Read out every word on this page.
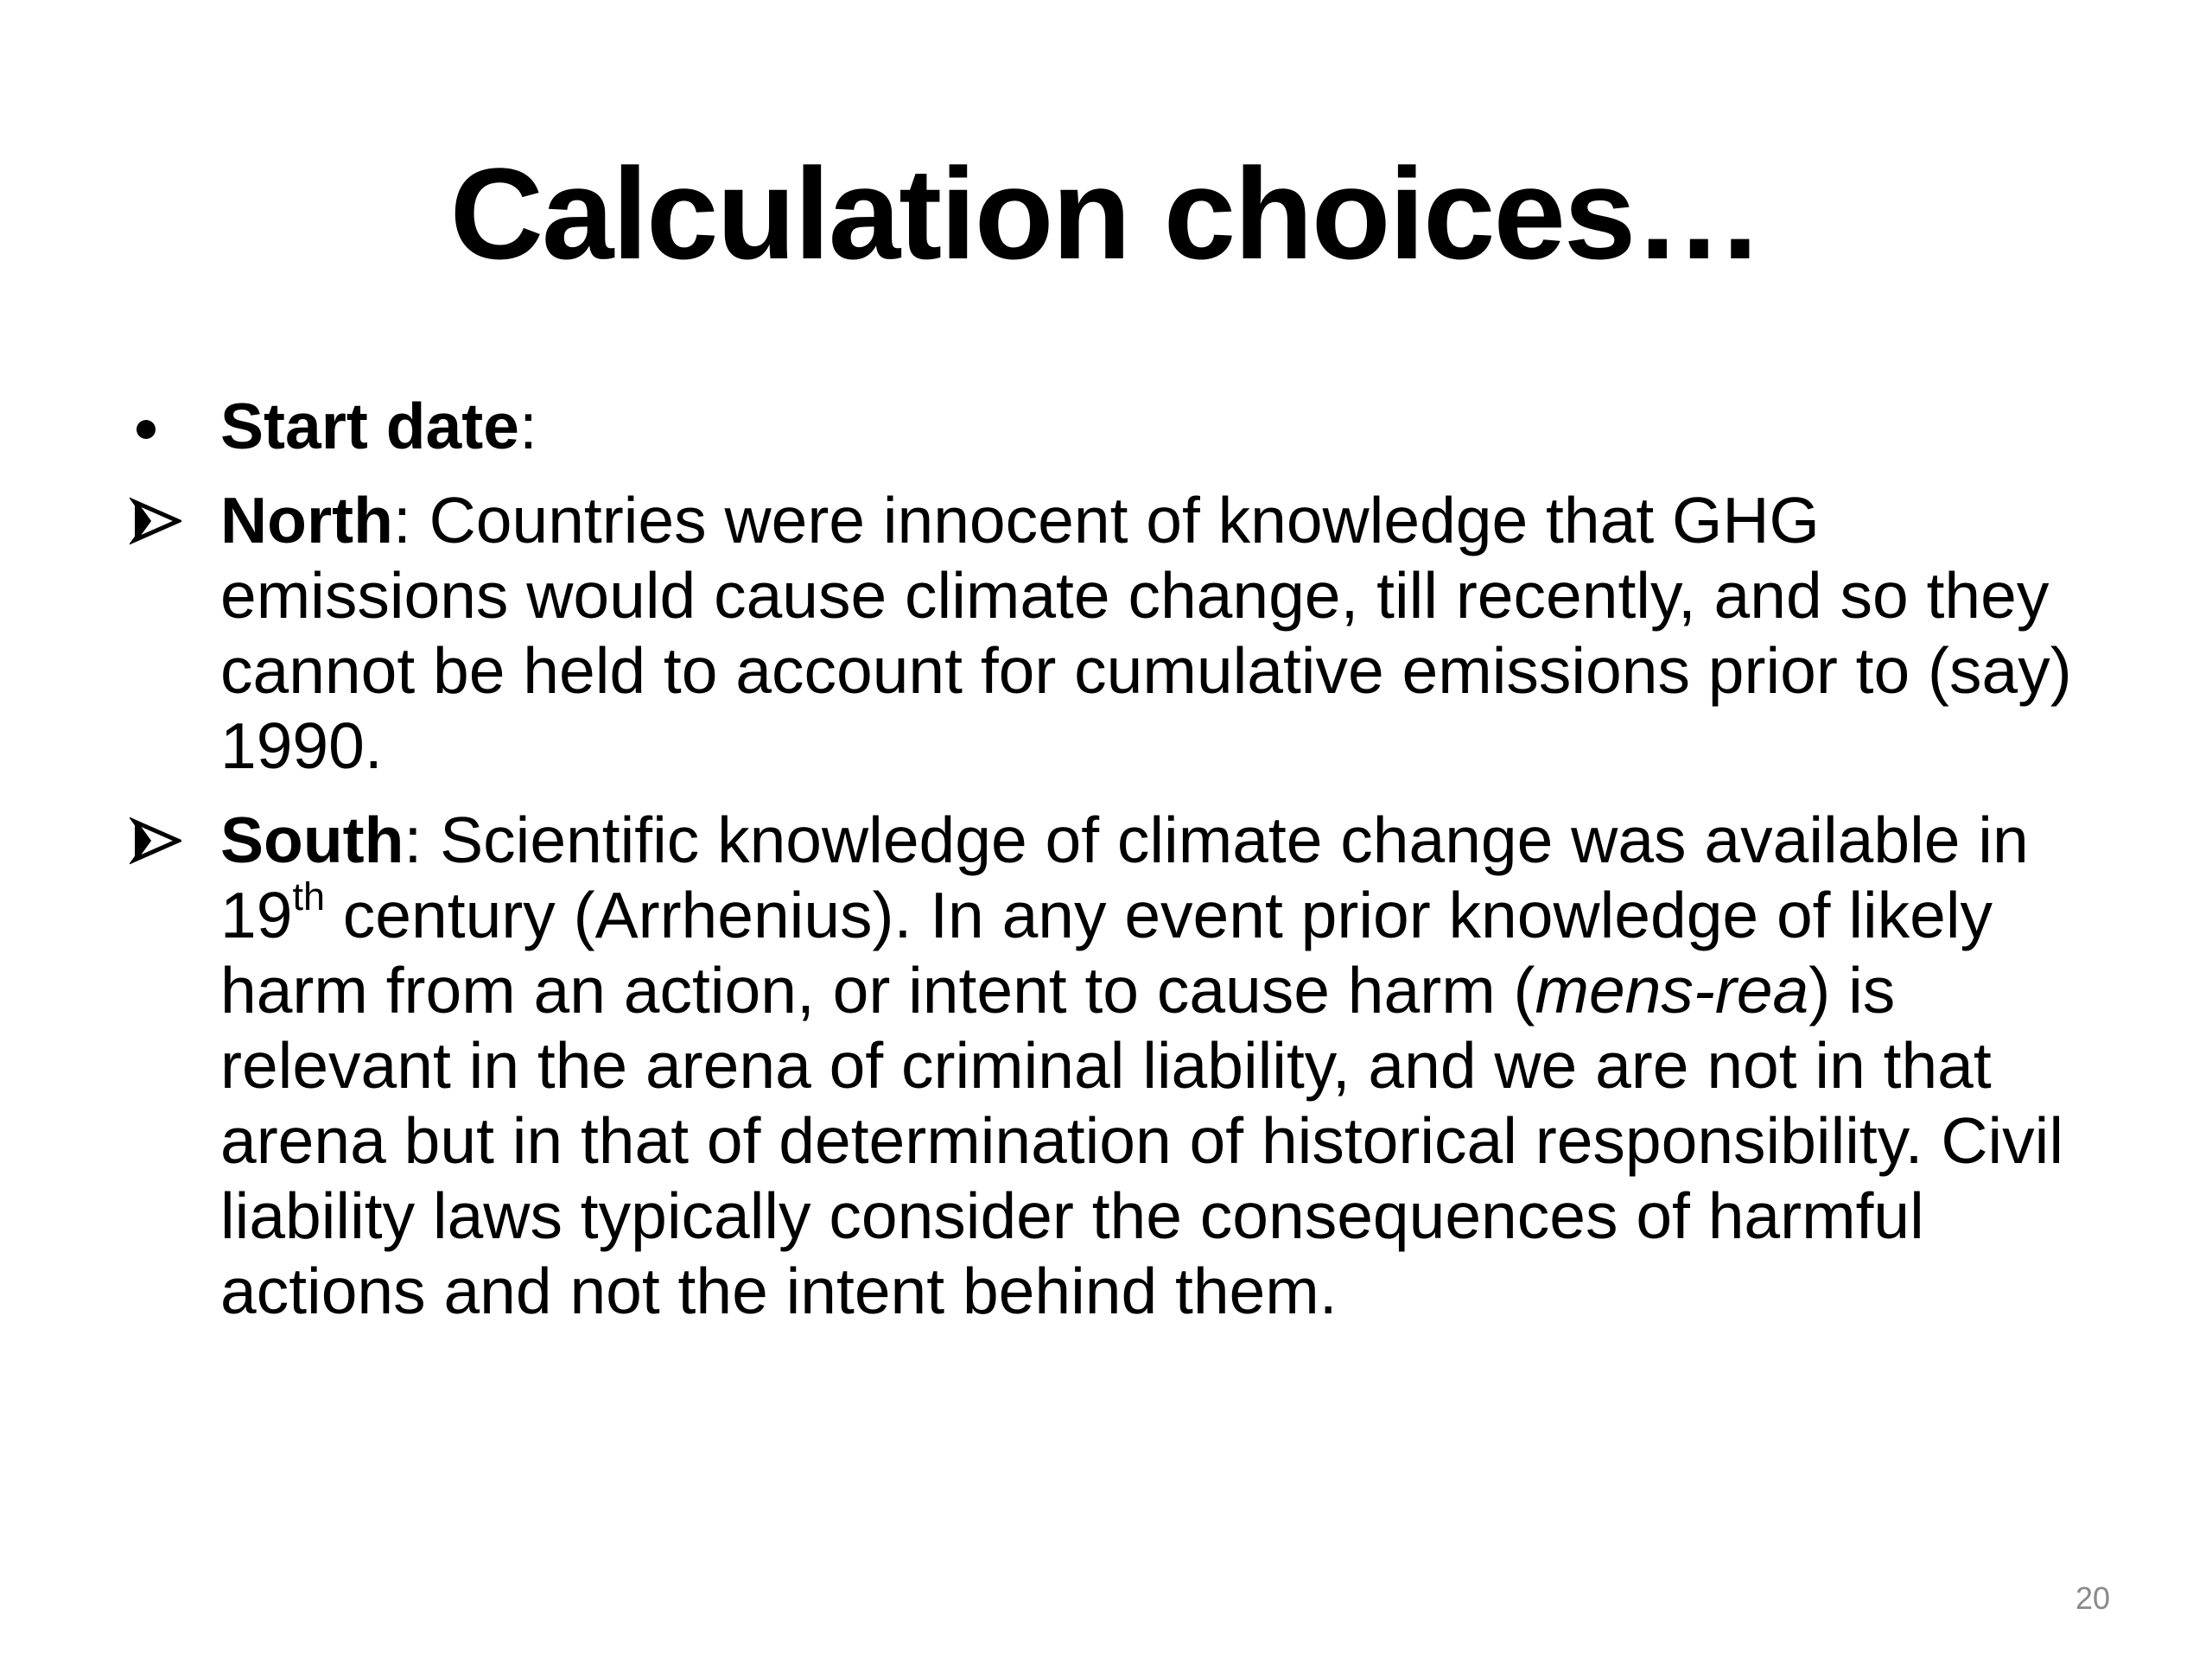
Calculation choices…
Start date:
North: Countries were innocent of knowledge that GHG emissions would cause climate change, till recently, and so they cannot be held to account for cumulative emissions prior to (say) 1990.
South: Scientific knowledge of climate change was available in 19th century (Arrhenius). In any event prior knowledge of likely harm from an action, or intent to cause harm (mens-rea) is relevant in the arena of criminal liability, and we are not in that arena but in that of determination of historical responsibility. Civil liability laws typically consider the consequences of harmful actions and not the intent behind them.
20
